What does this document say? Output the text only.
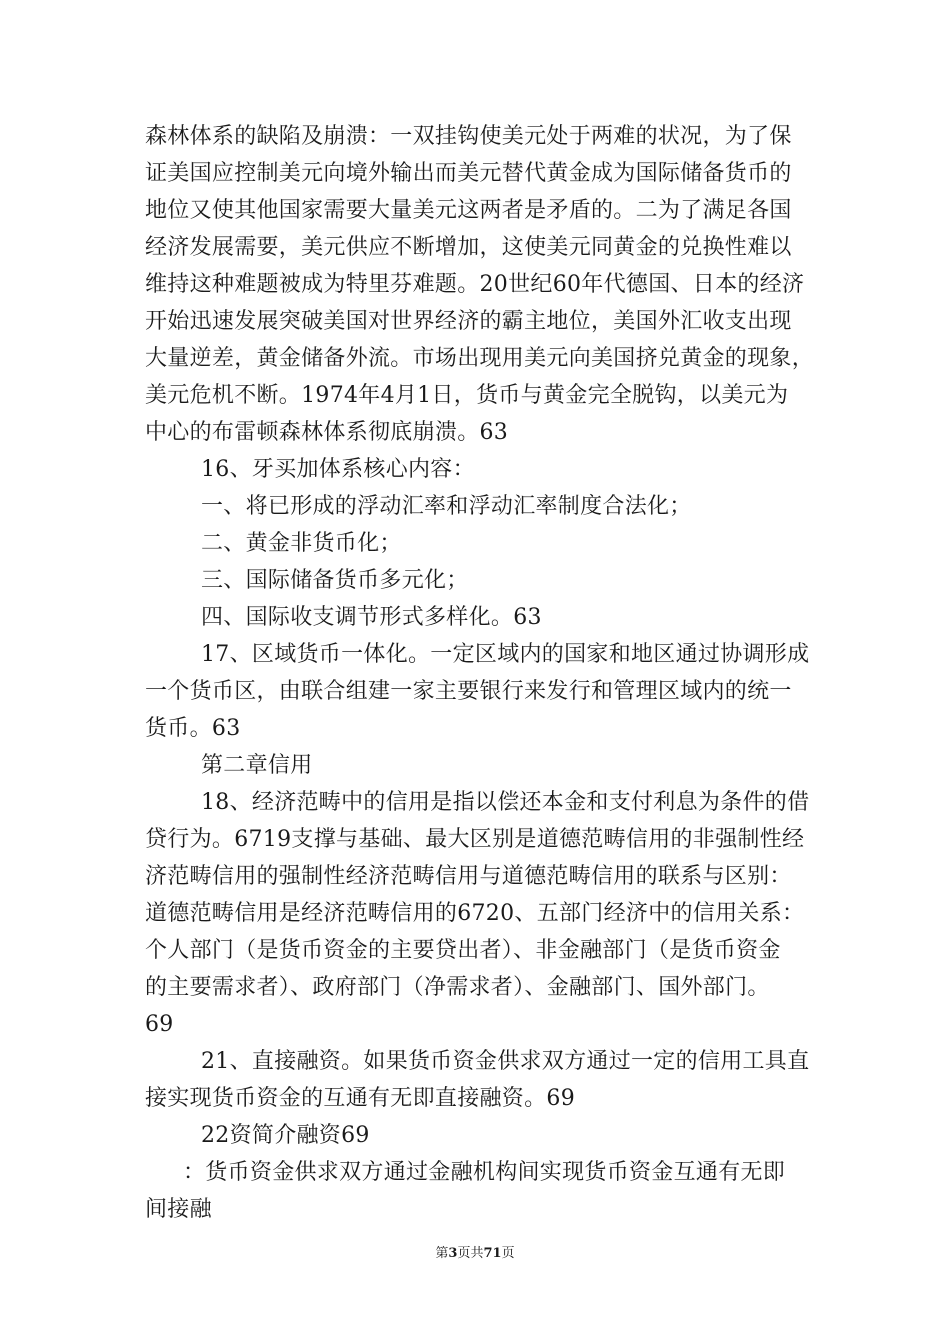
森林体系的缺陷及崩溃：一双挂钩使美元处于两难的状况，为了保
证美国应控制美元向境外输出而美元替代黄金成为国际储备货币的
地位又使其他国家需要大量美元这两者是矛盾的。二为了满足各国
经济发展需要，美元供应不断增加，这使美元同黄金的兑换性难以
维持这种难题被成为特里芬难题。20世纪60年代德国、日本的经济
开始迅速发展突破美国对世界经济的霸主地位，美国外汇收支出现
大量逆差，黄金储备外流。市场出现用美元向美国挤兑黄金的现象，
美元危机不断。1974年4月1日，货币与黄金完全脱钩，以美元为
中心的布雷顿森林体系彻底崩溃。63
16、牙买加体系核心内容：
一、将已形成的浮动汇率和浮动汇率制度合法化；
二、黄金非货币化；
三、国际储备货币多元化；
四、国际收支调节形式多样化。63
17、区域货币一体化。一定区域内的国家和地区通过协调形成
一个货币区，由联合组建一家主要银行来发行和管理区域内的统一
货币。63
第二章信用
18、经济范畴中的信用是指以偿还本金和支付利息为条件的借
贷行为。6719支撑与基础、最大区别是道德范畴信用的非强制性经
济范畴信用的强制性经济范畴信用与道德范畴信用的联系与区别：
道德范畴信用是经济范畴信用的6720、五部门经济中的信用关系：
个人部门（是货币资金的主要贷出者）、非金融部门（是货币资金
的主要需求者）、政府部门（净需求者）、金融部门、国外部门。
69
21、直接融资。如果货币资金供求双方通过一定的信用工具直
接实现货币资金的互通有无即直接融资。69
22资简介融资69
：货币资金供求双方通过金融机构间实现货币资金互通有无即
间接融
第3页共71页
